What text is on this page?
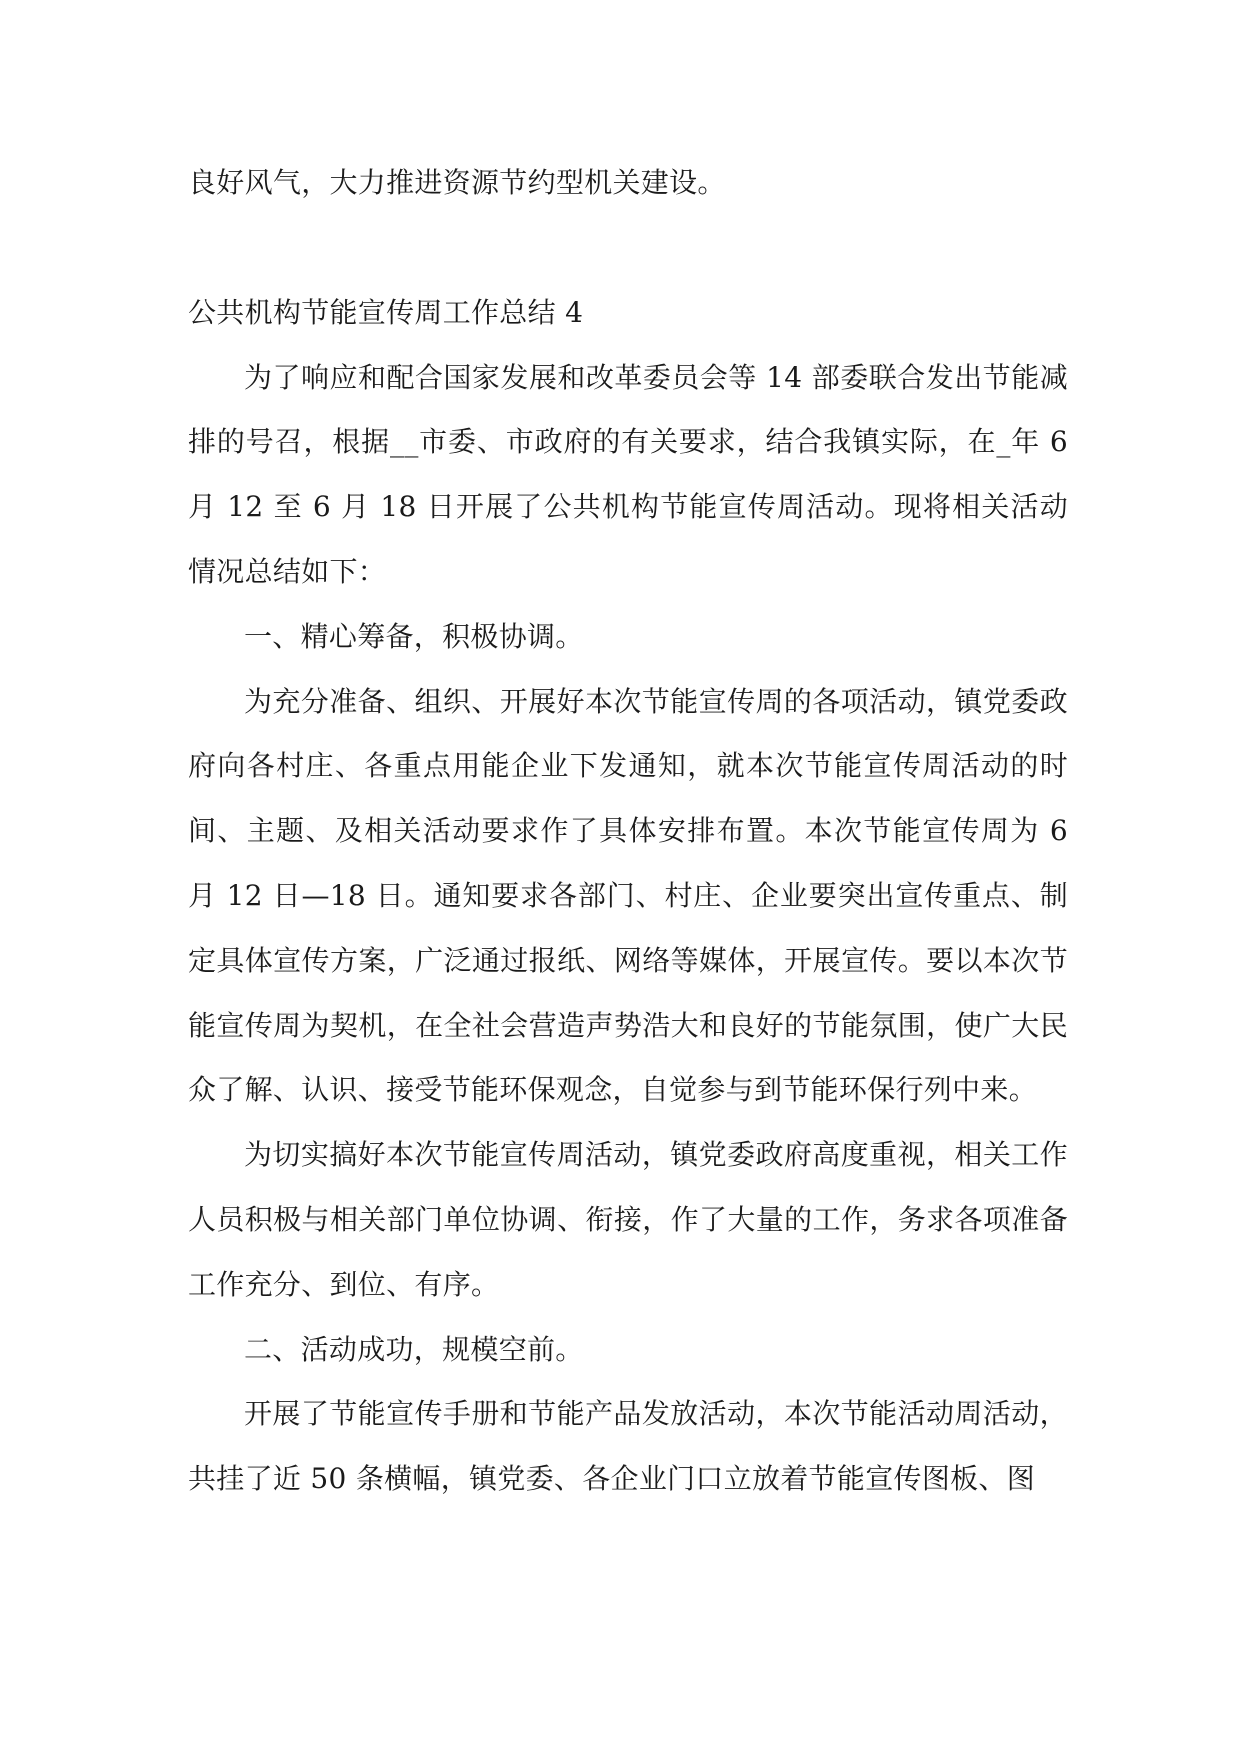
良好风气，大力推进资源节约型机关建设。

公共机构节能宣传周工作总结 4

为了响应和配合国家发展和改革委员会等 14 部委联合发出节能减排的号召，根据__市委、市政府的有关要求，结合我镇实际，在_年 6 月 12 至 6 月 18 日开展了公共机构节能宣传周活动。现将相关活动情况总结如下：

一、精心筹备，积极协调。

为充分准备、组织、开展好本次节能宣传周的各项活动，镇党委政府向各村庄、各重点用能企业下发通知，就本次节能宣传周活动的时间、主题、及相关活动要求作了具体安排布置。本次节能宣传周为 6 月 12 日—18 日。通知要求各部门、村庄、企业要突出宣传重点、制定具体宣传方案，广泛通过报纸、网络等媒体，开展宣传。要以本次节能宣传周为契机，在全社会营造声势浩大和良好的节能氛围，使广大民众了解、认识、接受节能环保观念，自觉参与到节能环保行列中来。

为切实搞好本次节能宣传周活动，镇党委政府高度重视，相关工作人员积极与相关部门单位协调、衔接，作了大量的工作，务求各项准备工作充分、到位、有序。

二、活动成功，规模空前。

开展了节能宣传手册和节能产品发放活动，本次节能活动周活动，共挂了近 50 条横幅，镇党委、各企业门口立放着节能宣传图板、图
